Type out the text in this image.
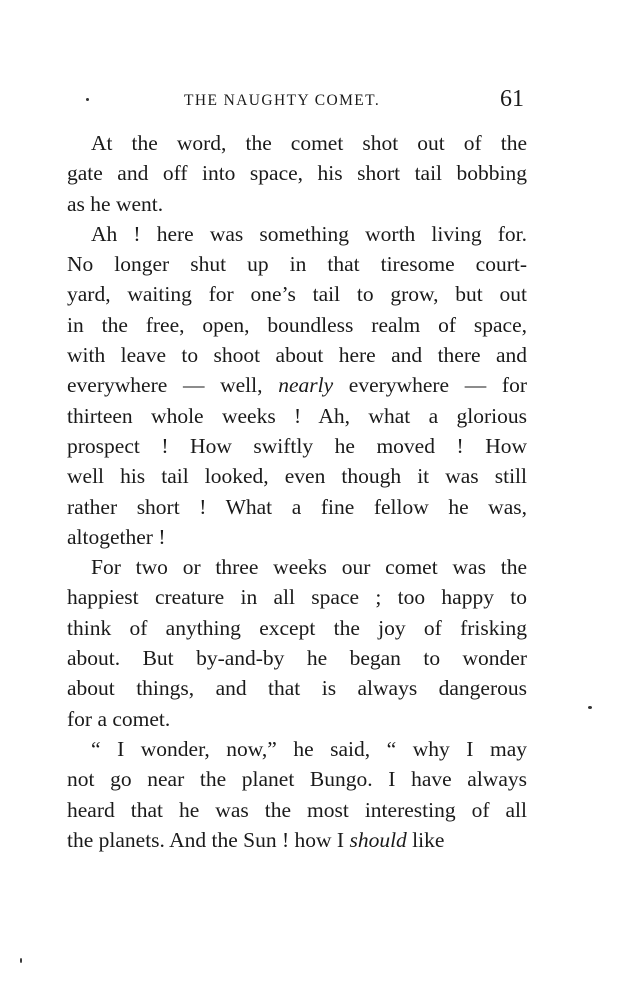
THE NAUGHTY COMET.	61
At the word, the comet shot out of the
gate and off into space, his short tail bobbing
as he went.
Ah ! here was something worth living for.
No longer shut up in that tiresome court-
yard, waiting for one’s tail to grow, but out
in the free, open, boundless realm of space,
with leave to shoot about here and there and
everywhere — well, nearly everywhere — for
thirteen whole weeks ! Ah, what a glorious
prospect ! How swiftly he moved ! How
well his tail looked, even though it was still
rather short ! What a fine fellow he was,
altogether !
For two or three weeks our comet was the
happiest creature in all space ; too happy to
think of anything except the joy of frisking
about. But by-and-by he began to wonder
about things, and that is always dangerous
for a comet.
“ I wonder, now,” he said, “ why I may
not go near the planet Bungo. I have always
heard that he was the most interesting of all
the planets. And the Sun ! how I should like
